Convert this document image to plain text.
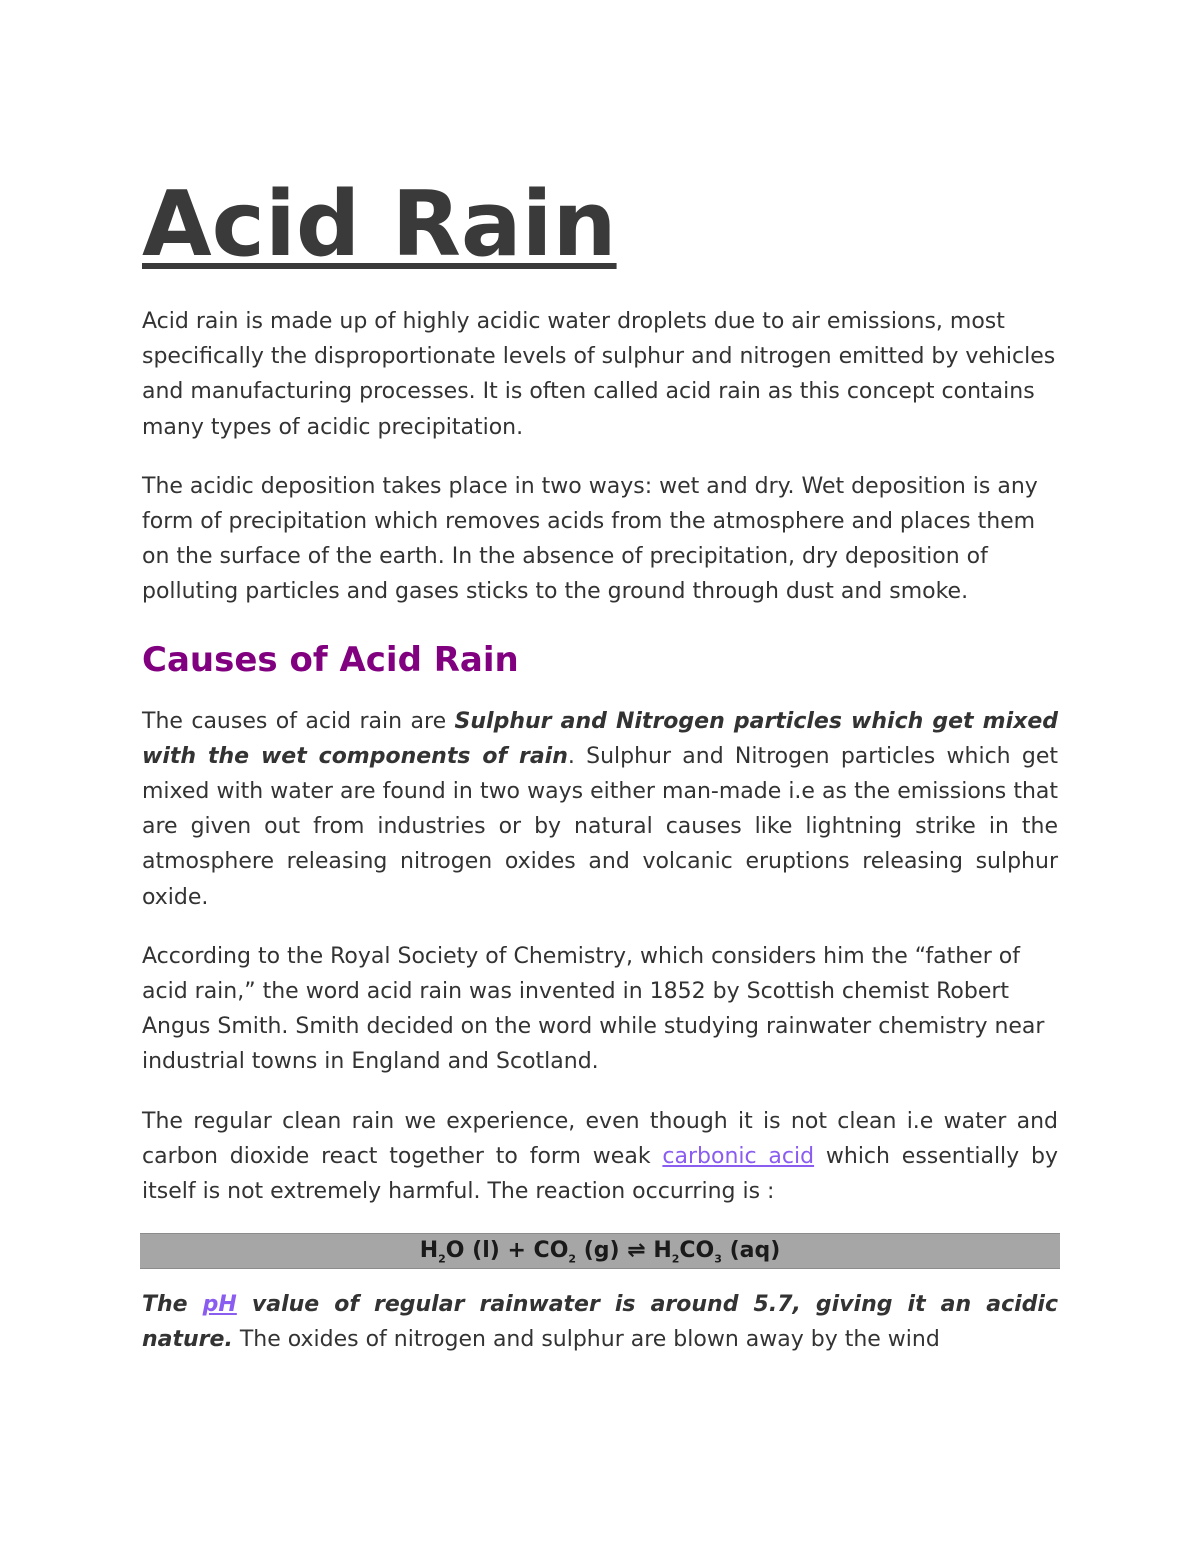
Acid Rain

Acid rain is made up of highly acidic water droplets due to air emissions, most specifically the disproportionate levels of sulphur and nitrogen emitted by vehicles and manufacturing processes. It is often called acid rain as this concept contains many types of acidic precipitation.

The acidic deposition takes place in two ways: wet and dry. Wet deposition is any form of precipitation which removes acids from the atmosphere and places them on the surface of the earth. In the absence of precipitation, dry deposition of polluting particles and gases sticks to the ground through dust and smoke.

Causes of Acid Rain

The causes of acid rain are Sulphur and Nitrogen particles which get mixed with the wet components of rain. Sulphur and Nitrogen particles which get mixed with water are found in two ways either man-made i.e as the emissions that are given out from industries or by natural causes like lightning strike in the atmosphere releasing nitrogen oxides and volcanic eruptions releasing sulphur oxide.

According to the Royal Society of Chemistry, which considers him the “father of acid rain,” the word acid rain was invented in 1852 by Scottish chemist Robert Angus Smith. Smith decided on the word while studying rainwater chemistry near industrial towns in England and Scotland.

The regular clean rain we experience, even though it is not clean i.e water and carbon dioxide react together to form weak carbonic acid which essentially by itself is not extremely harmful. The reaction occurring is :

$H_2O$ $(l) + CO_2$ (g) ⇌ $H_2CO_3$ (aq)

The pH value of regular rainwater is around 5.7, giving it an acidic nature. The oxides of nitrogen and sulphur are blown away by the wind
